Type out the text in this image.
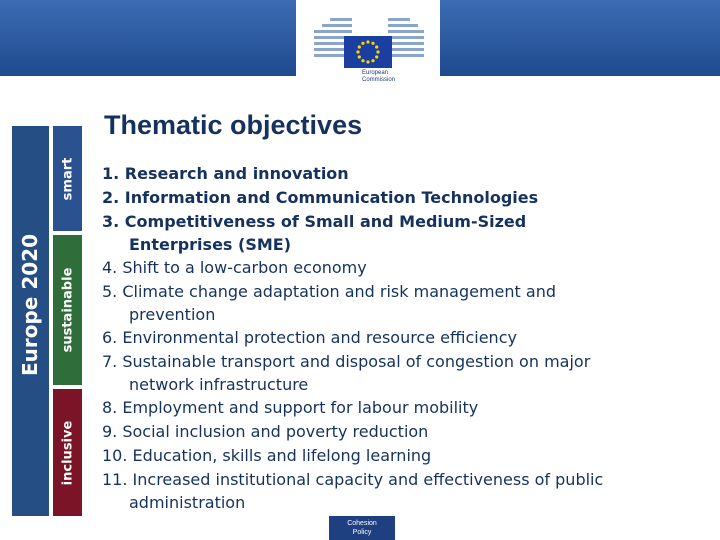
European
Commission
Thematic objectives
Europe 2020
smart
sustainable
inclusive
1. Research and innovation
2. Information and Communication Technologies
3. Competitiveness of Small and Medium-Sized
Enterprises (SME)
4. Shift to a low-carbon economy
5. Climate change adaptation and risk management and
prevention
6. Environmental protection and resource efficiency
7. Sustainable transport and disposal of congestion on major
network infrastructure
8. Employment and support for labour mobility
9. Social inclusion and poverty reduction
10. Education, skills and lifelong learning
11. Increased institutional capacity and effectiveness of public
administration
Cohesion
Policy
